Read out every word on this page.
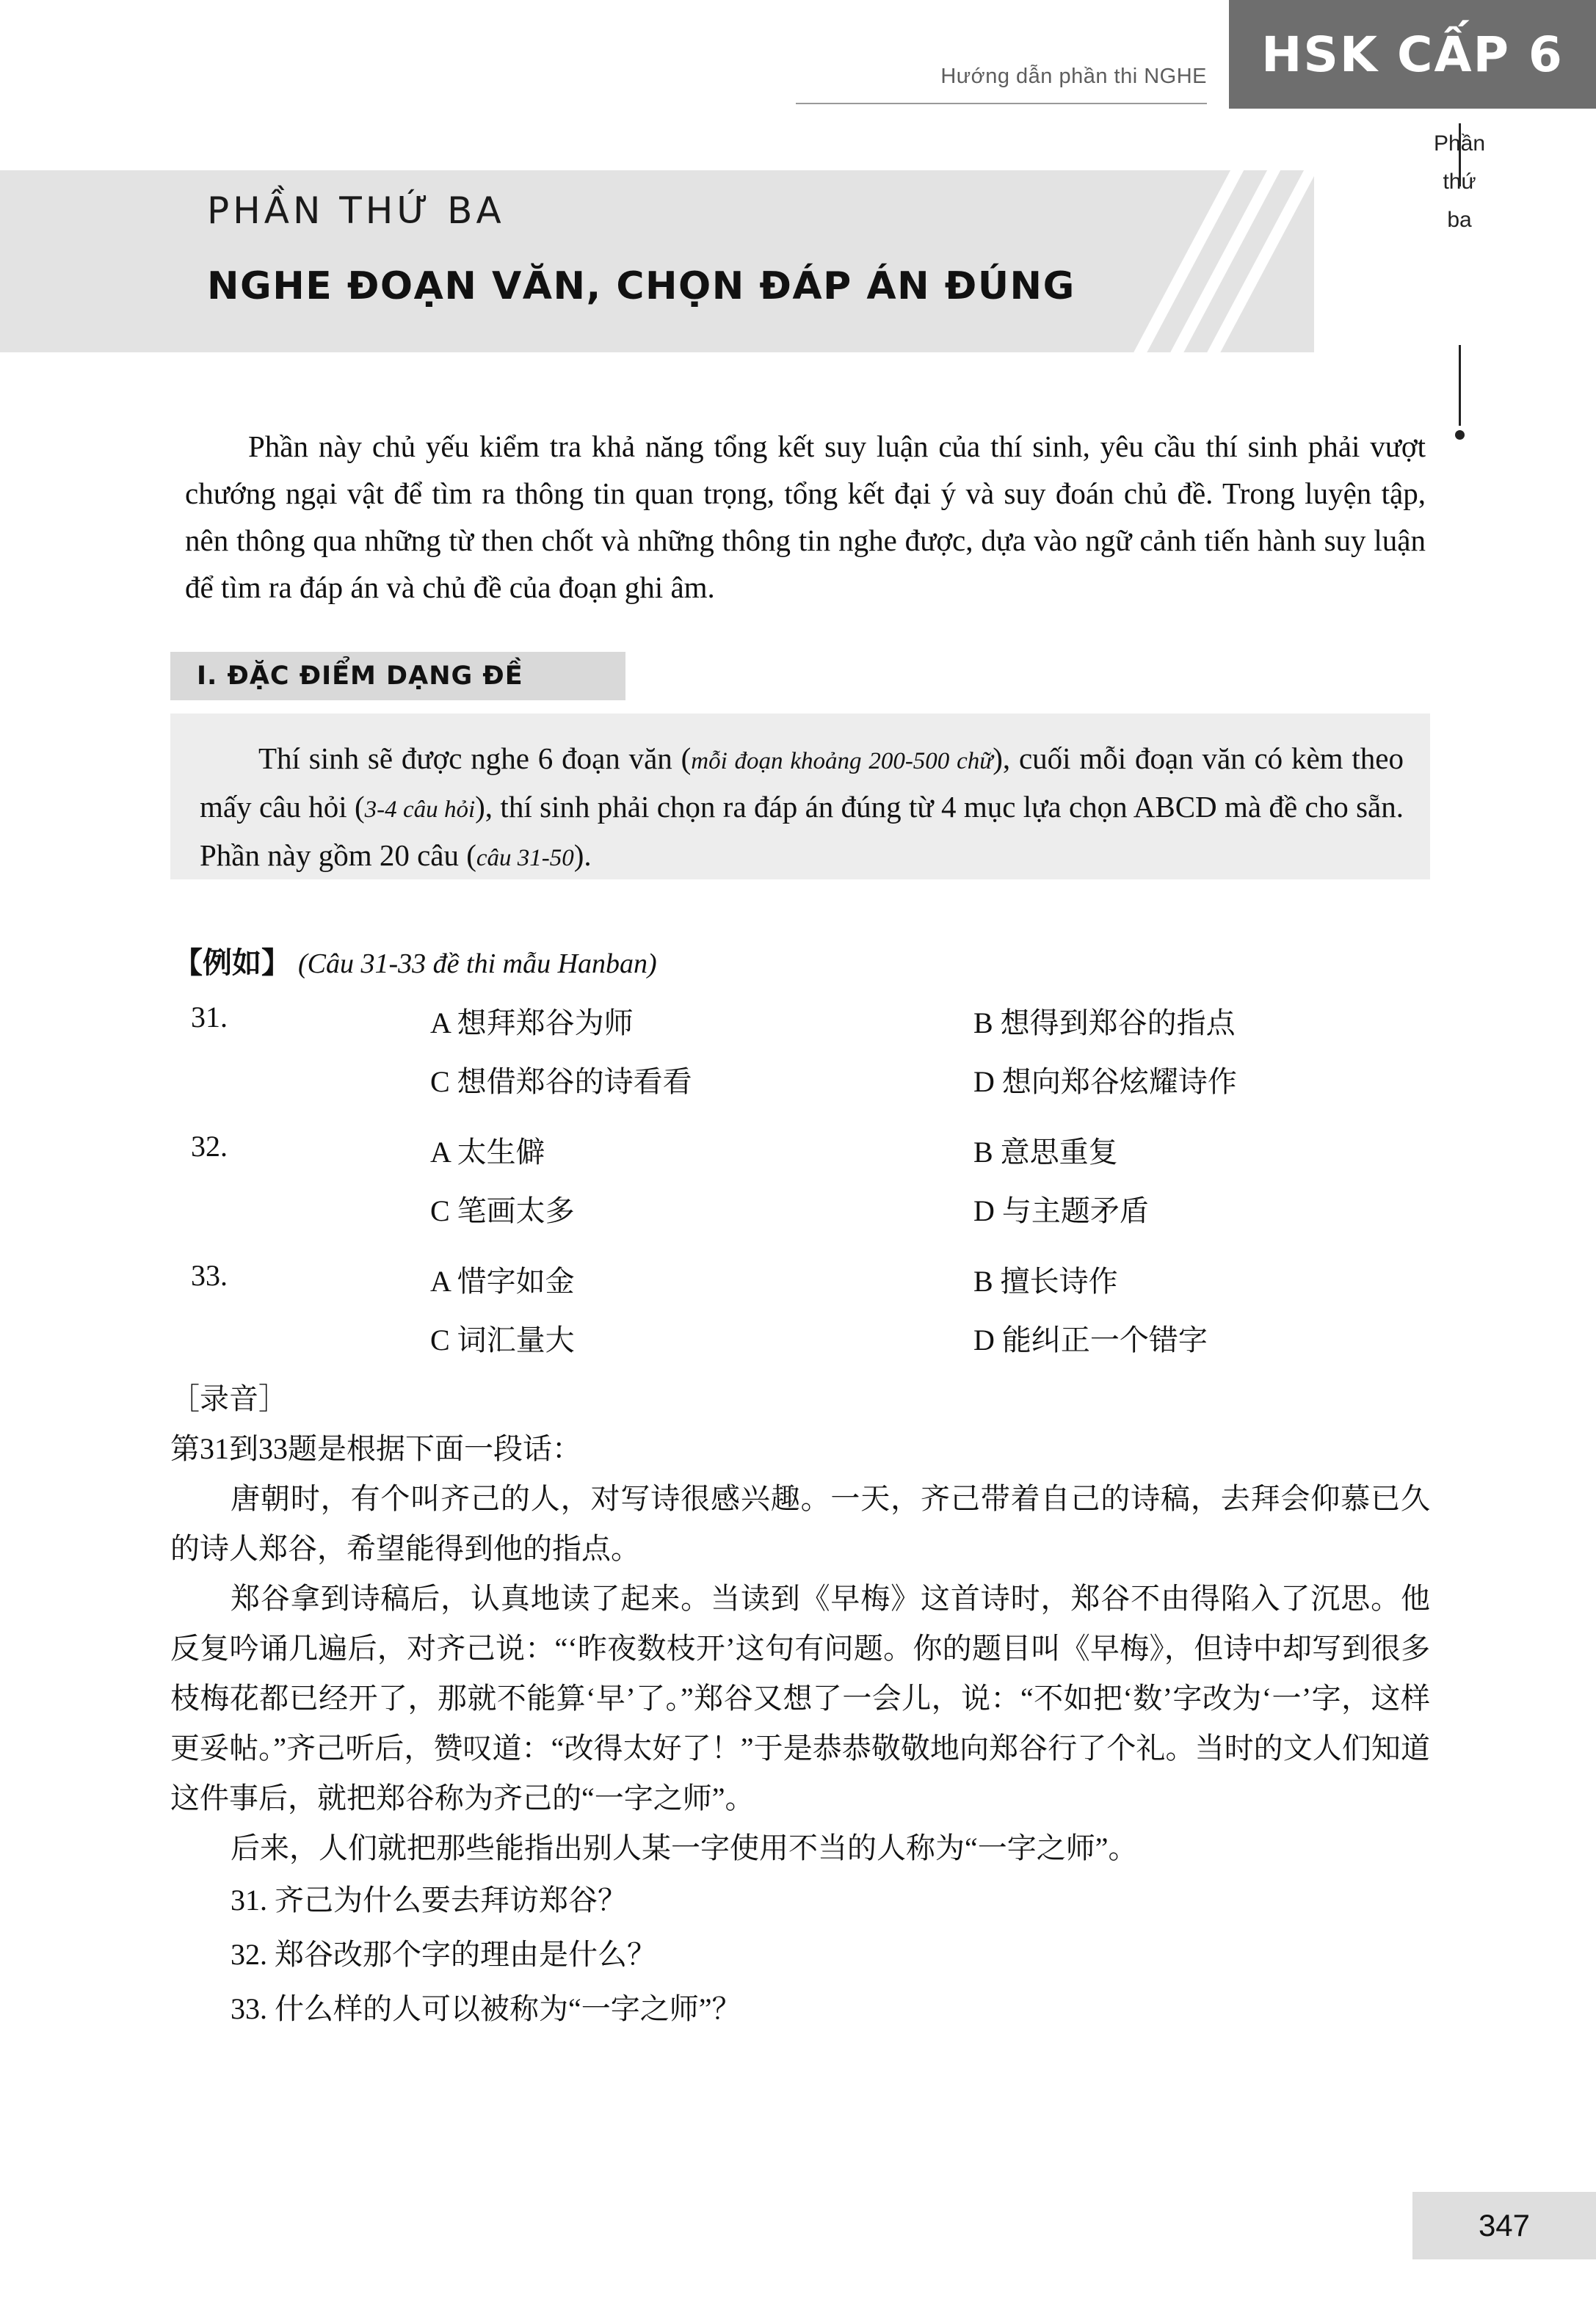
Hướng dẫn phần thi NGHE	HSK CẤP 6
PHẦN THỨ BA
NGHE ĐOẠN VĂN, CHỌN ĐÁP ÁN ĐÚNG
Phần
thứ
ba
Phần này chủ yếu kiểm tra khả năng tổng kết suy luận của thí sinh, yêu cầu thí sinh phải vượt chướng ngại vật để tìm ra thông tin quan trọng, tổng kết đại ý và suy đoán chủ đề. Trong luyện tập, nên thông qua những từ then chốt và những thông tin nghe được, dựa vào ngữ cảnh tiến hành suy luận để tìm ra đáp án và chủ đề của đoạn ghi âm.
I. ĐẶC ĐIỂM DẠNG ĐỀ
Thí sinh sẽ được nghe 6 đoạn văn (mỗi đoạn khoảng 200-500 chữ), cuối mỗi đoạn văn có kèm theo mấy câu hỏi (3-4 câu hỏi), thí sinh phải chọn ra đáp án đúng từ 4 mục lựa chọn ABCD mà đề cho sẵn. Phần này gồm 20 câu (câu 31-50).
【例如】 (Câu 31-33 đề thi mẫu Hanban)
31.	A 想拜郑谷为师	B 想得到郑谷的指点
C 想借郑谷的诗看看	D 想向郑谷炫耀诗作
32.	A 太生僻	B 意思重复
C 笔画太多	D 与主题矛盾
33.	A 惜字如金	B 擅长诗作
C 词汇量大	D 能纠正一个错字
［录音］
第31到33题是根据下面一段话：
唐朝时，有个叫齐己的人，对写诗很感兴趣。一天，齐己带着自己的诗稿，去拜会仰慕已久的诗人郑谷，希望能得到他的指点。
郑谷拿到诗稿后，认真地读了起来。当读到《早梅》这首诗时，郑谷不由得陷入了沉思。他反复吟诵几遍后，对齐己说：“‘昨夜数枝开’这句有问题。你的题目叫《早梅》，但诗中却写到很多枝梅花都已经开了，那就不能算‘早’了。”郑谷又想了一会儿，说：“不如把‘数’字改为‘一’字，这样更妥帖。”齐己听后，赞叹道：“改得太好了！”于是恭恭敬敬地向郑谷行了个礼。当时的文人们知道这件事后，就把郑谷称为齐己的“一字之师”。
后来，人们就把那些能指出别人某一字使用不当的人称为“一字之师”。
31. 齐己为什么要去拜访郑谷？
32. 郑谷改那个字的理由是什么？
33. 什么样的人可以被称为“一字之师”？
347
